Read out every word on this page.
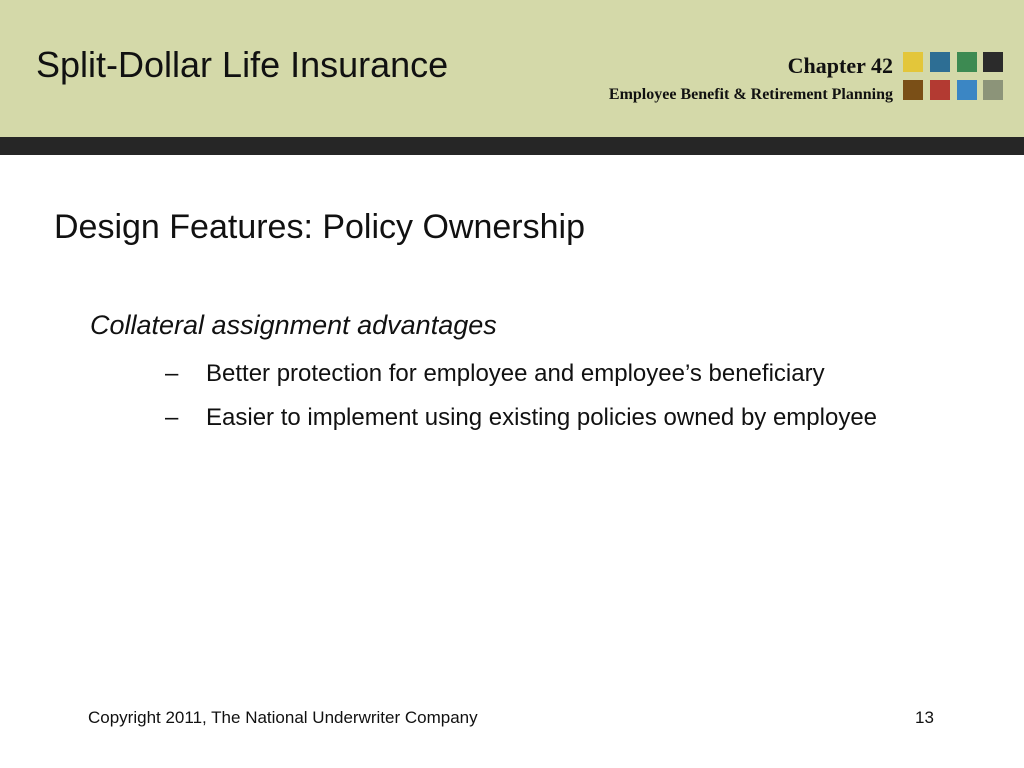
Split-Dollar Life Insurance	Chapter 42
Employee Benefit & Retirement Planning
Design Features: Policy Ownership
Collateral assignment advantages
– Better protection for employee and employee’s beneficiary
– Easier to implement using existing policies owned by employee
Copyright 2011, The National Underwriter Company	13
